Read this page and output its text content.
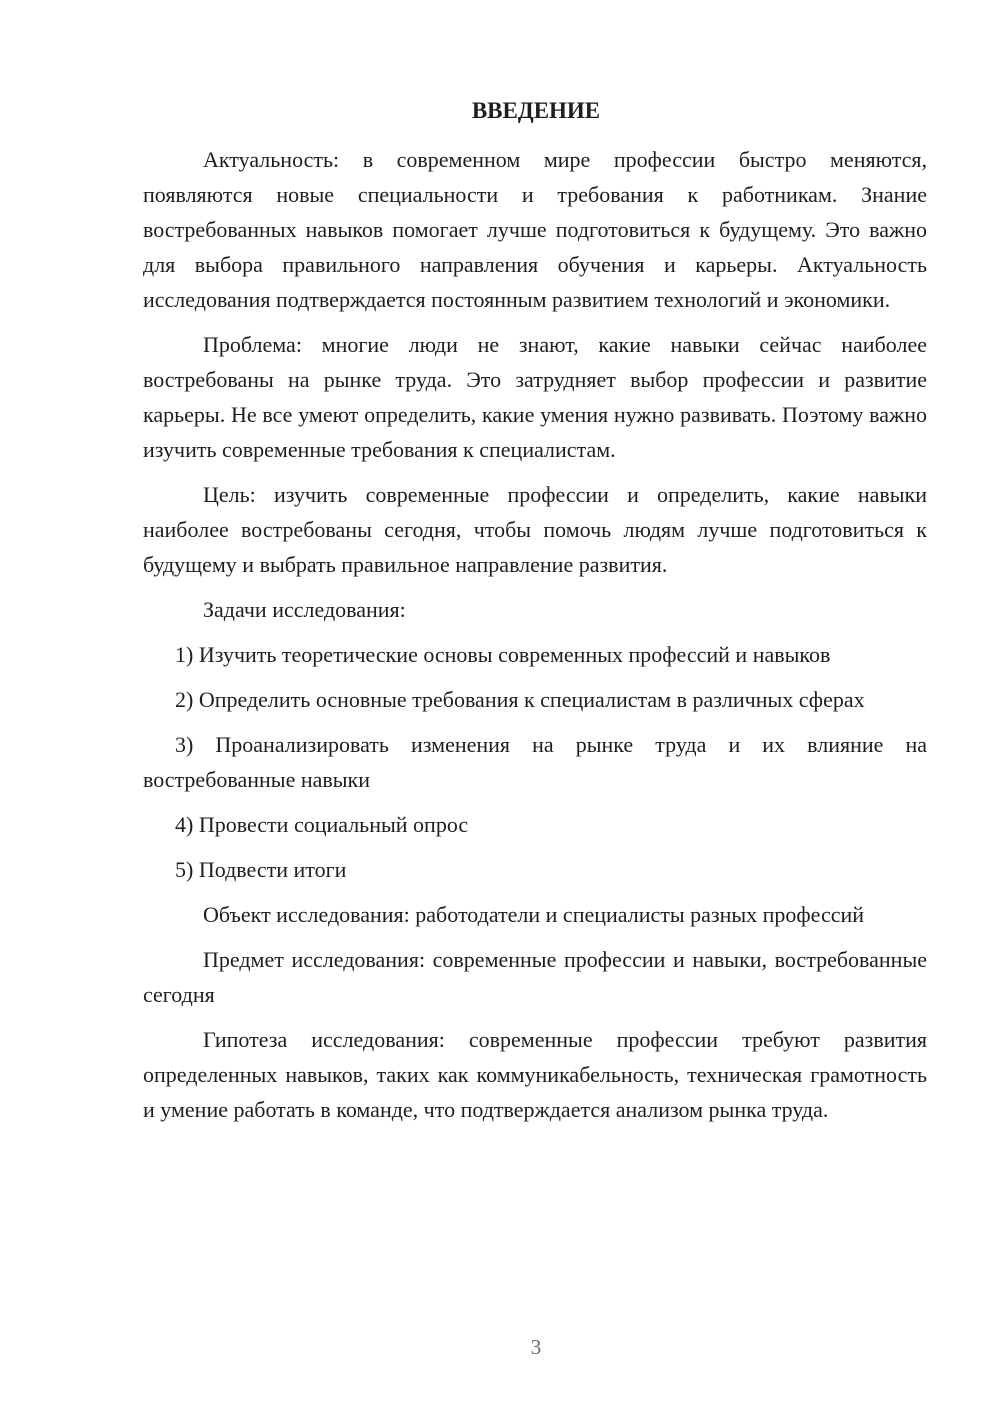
ВВЕДЕНИЕ

Актуальность: в современном мире профессии быстро меняются, появляются новые специальности и требования к работникам. Знание востребованных навыков помогает лучше подготовиться к будущему. Это важно для выбора правильного направления обучения и карьеры. Актуальность исследования подтверждается постоянным развитием технологий и экономики.

Проблема: многие люди не знают, какие навыки сейчас наиболее востребованы на рынке труда. Это затрудняет выбор профессии и развитие карьеры. Не все умеют определить, какие умения нужно развивать. Поэтому важно изучить современные требования к специалистам.

Цель: изучить современные профессии и определить, какие навыки наиболее востребованы сегодня, чтобы помочь людям лучше подготовиться к будущему и выбрать правильное направление развития.

Задачи исследования:

1) Изучить теоретические основы современных профессий и навыков

2) Определить основные требования к специалистам в различных сферах

3) Проанализировать изменения на рынке труда и их влияние на востребованные навыки

4) Провести социальный опрос

5) Подвести итоги

Объект исследования: работодатели и специалисты разных профессий

Предмет исследования: современные профессии и навыки, востребованные сегодня

Гипотеза исследования: современные профессии требуют развития определенных навыков, таких как коммуникабельность, техническая грамотность и умение работать в команде, что подтверждается анализом рынка труда.

3
